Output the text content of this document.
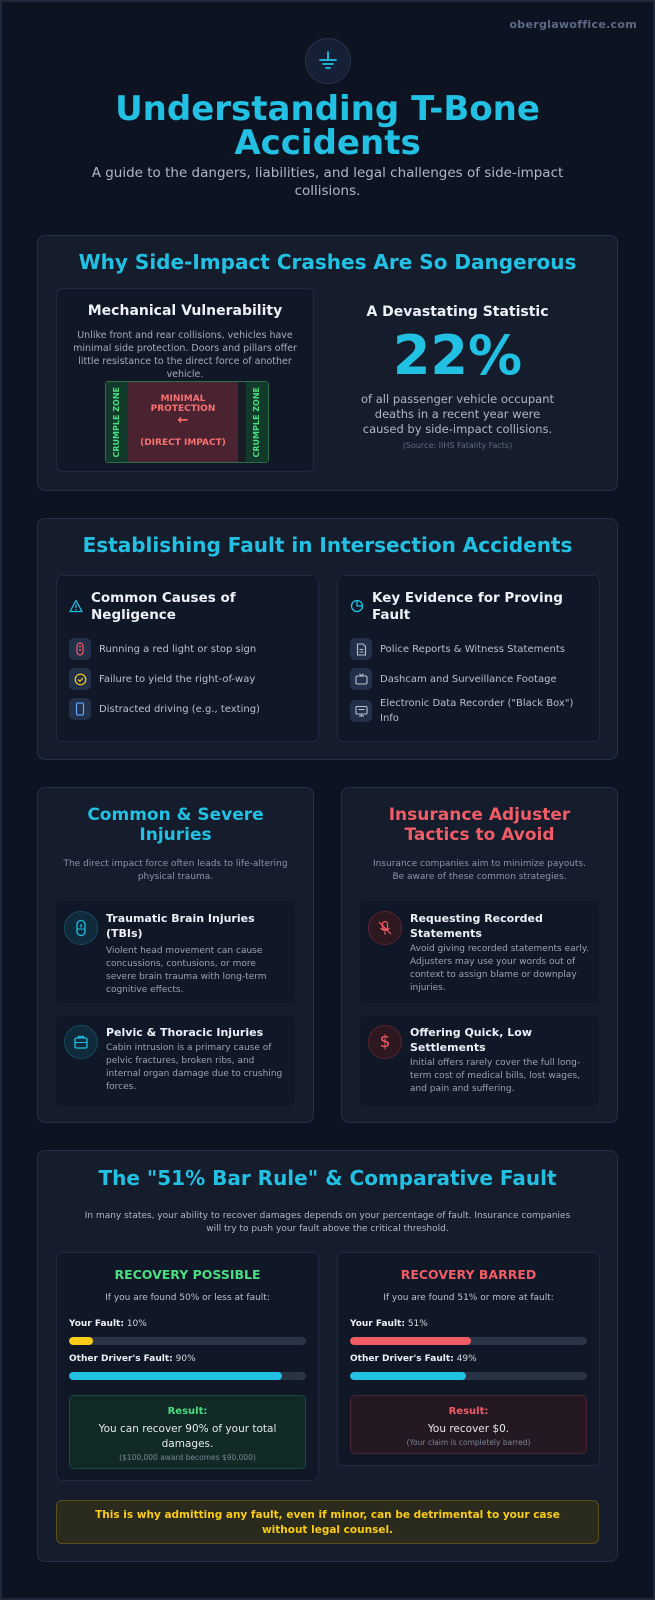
oberglawoffice.com
Understanding T-Bone Accidents
A guide to the dangers, liabilities, and legal challenges of side-impact collisions.
Why Side-Impact Crashes Are So Dangerous
Mechanical Vulnerability
Unlike front and rear collisions, vehicles have minimal side protection. Doors and pillars offer little resistance to the direct force of another vehicle.
CRUMPLE ZONE	MINIMAL PROTECTION
←
(DIRECT IMPACT)	CRUMPLE ZONE
A Devastating Statistic
22%
of all passenger vehicle occupant deaths in a recent year were caused by side-impact collisions.
(Source: IIHS Fatality Facts)
Establishing Fault in Intersection Accidents
Common Causes of Negligence
Running a red light or stop sign
Failure to yield the right-of-way
Distracted driving (e.g., texting)
Key Evidence for Proving Fault
Police Reports & Witness Statements
Dashcam and Surveillance Footage
Electronic Data Recorder ("Black Box") Info
Common & Severe Injuries
The direct impact force often leads to life-altering physical trauma.
Traumatic Brain Injuries (TBIs)
Violent head movement can cause concussions, contusions, or more severe brain trauma with long-term cognitive effects.
Pelvic & Thoracic Injuries
Cabin intrusion is a primary cause of pelvic fractures, broken ribs, and internal organ damage due to crushing forces.
Insurance Adjuster Tactics to Avoid
Insurance companies aim to minimize payouts. Be aware of these common strategies.
Requesting Recorded Statements
Avoid giving recorded statements early. Adjusters may use your words out of context to assign blame or downplay injuries.
$	Offering Quick, Low Settlements
Initial offers rarely cover the full long-term cost of medical bills, lost wages, and pain and suffering.
The "51% Bar Rule" & Comparative Fault
In many states, your ability to recover damages depends on your percentage of fault. Insurance companies will try to push your fault above the critical threshold.
RECOVERY POSSIBLE
If you are found 50% or less at fault:
Your Fault: 10%
Other Driver's Fault: 90%
Result:
You can recover 90% of your total damages.
($100,000 award becomes $90,000)
RECOVERY BARRED
If you are found 51% or more at fault:
Your Fault: 51%
Other Driver's Fault: 49%
Result:
You recover $0.
(Your claim is completely barred)
This is why admitting any fault, even if minor, can be detrimental to your case without legal counsel.
